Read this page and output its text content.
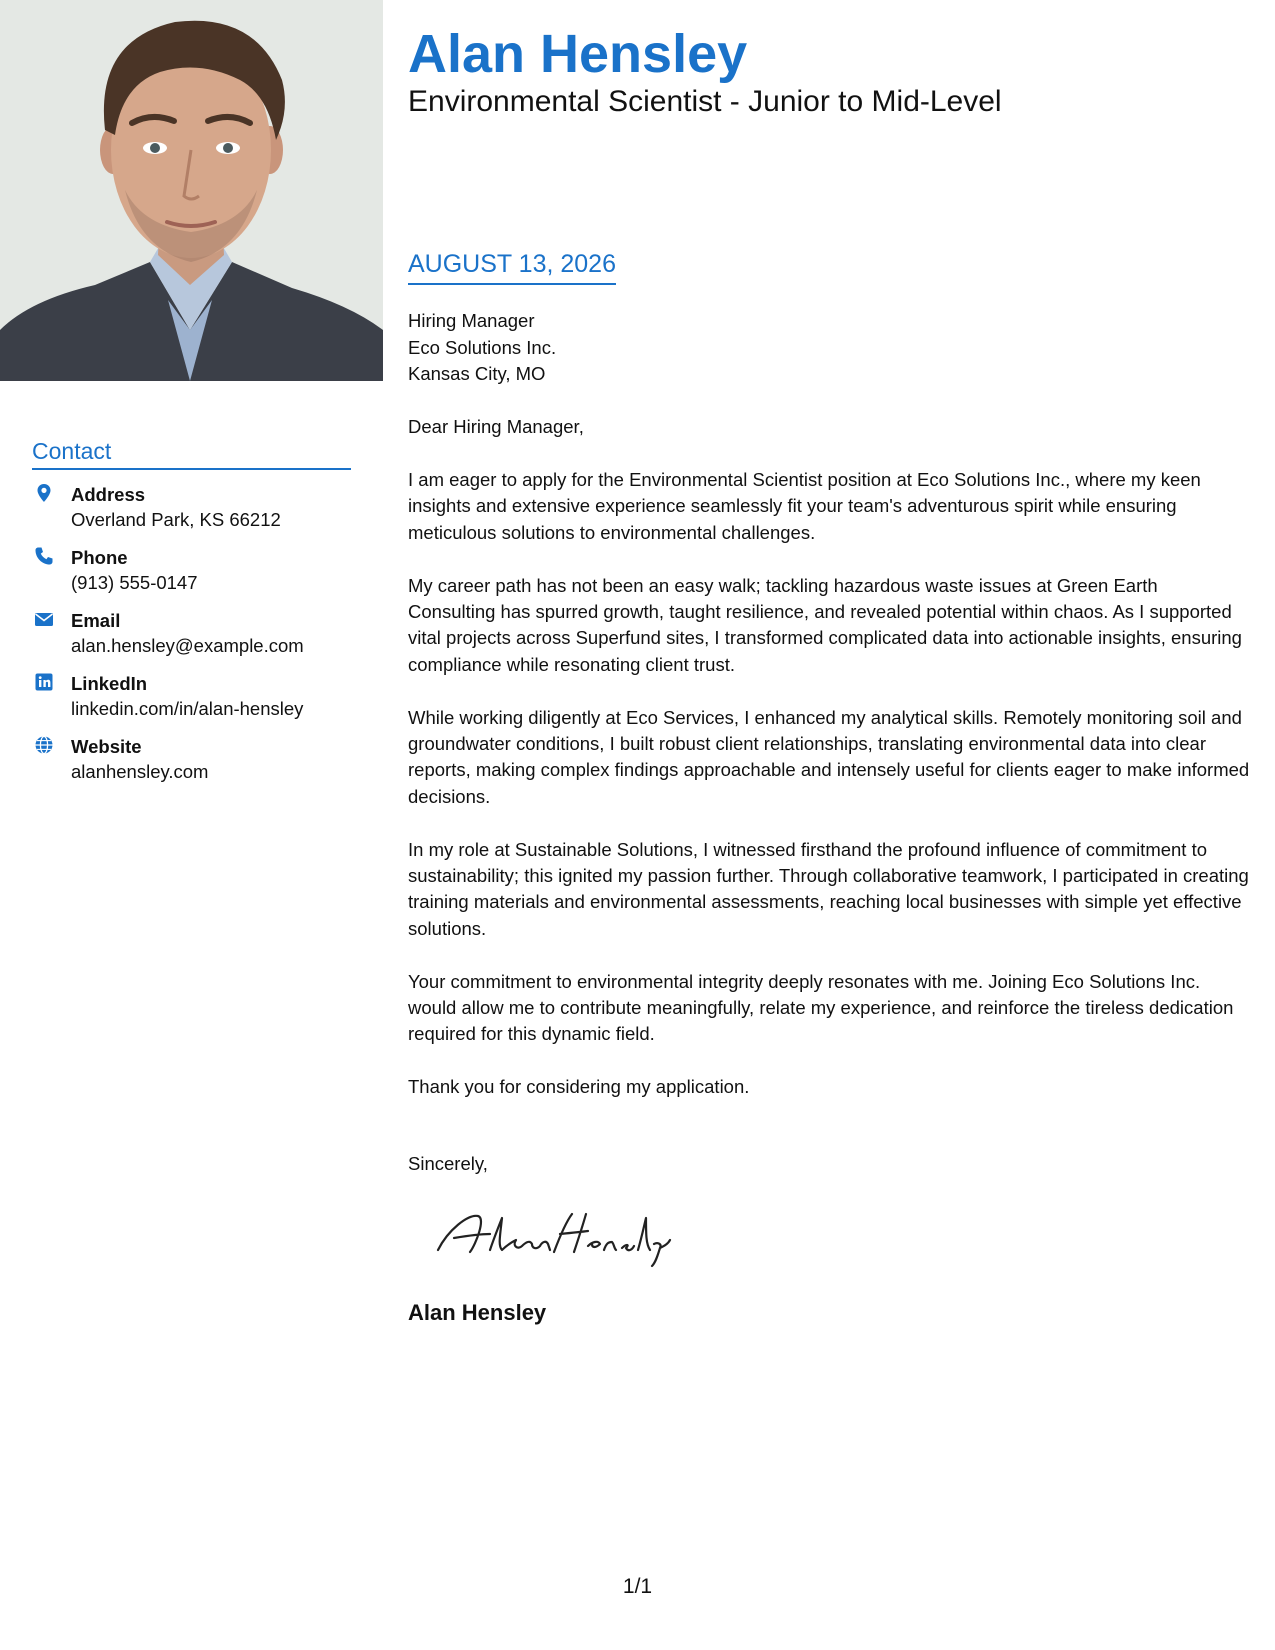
Contact
Address
Overland Park, KS 66212
Phone
(913) 555-0147
Email
alan.hensley@example.com
LinkedIn
linkedin.com/in/alan-hensley
Website
alanhensley.com
Alan Hensley
Environmental Scientist - Junior to Mid-Level
AUGUST 13, 2026
Hiring Manager
Eco Solutions Inc.
Kansas City, MO
Dear Hiring Manager,

I am eager to apply for the Environmental Scientist position at Eco Solutions Inc., where my keen insights and extensive experience seamlessly fit your team's adventurous spirit while ensuring meticulous solutions to environmental challenges.

My career path has not been an easy walk; tackling hazardous waste issues at Green Earth Consulting has spurred growth, taught resilience, and revealed potential within chaos. As I supported vital projects across Superfund sites, I transformed complicated data into actionable insights, ensuring compliance while resonating client trust.

While working diligently at Eco Services, I enhanced my analytical skills. Remotely monitoring soil and groundwater conditions, I built robust client relationships, translating environmental data into clear reports, making complex findings approachable and intensely useful for clients eager to make informed decisions.

In my role at Sustainable Solutions, I witnessed firsthand the profound influence of commitment to sustainability; this ignited my passion further. Through collaborative teamwork, I participated in creating training materials and environmental assessments, reaching local businesses with simple yet effective solutions.

Your commitment to environmental integrity deeply resonates with me. Joining Eco Solutions Inc. would allow me to contribute meaningfully, relate my experience, and reinforce the tireless dedication required for this dynamic field.

Thank you for considering my application.

Sincerely,
Alan Hensley
1/1
